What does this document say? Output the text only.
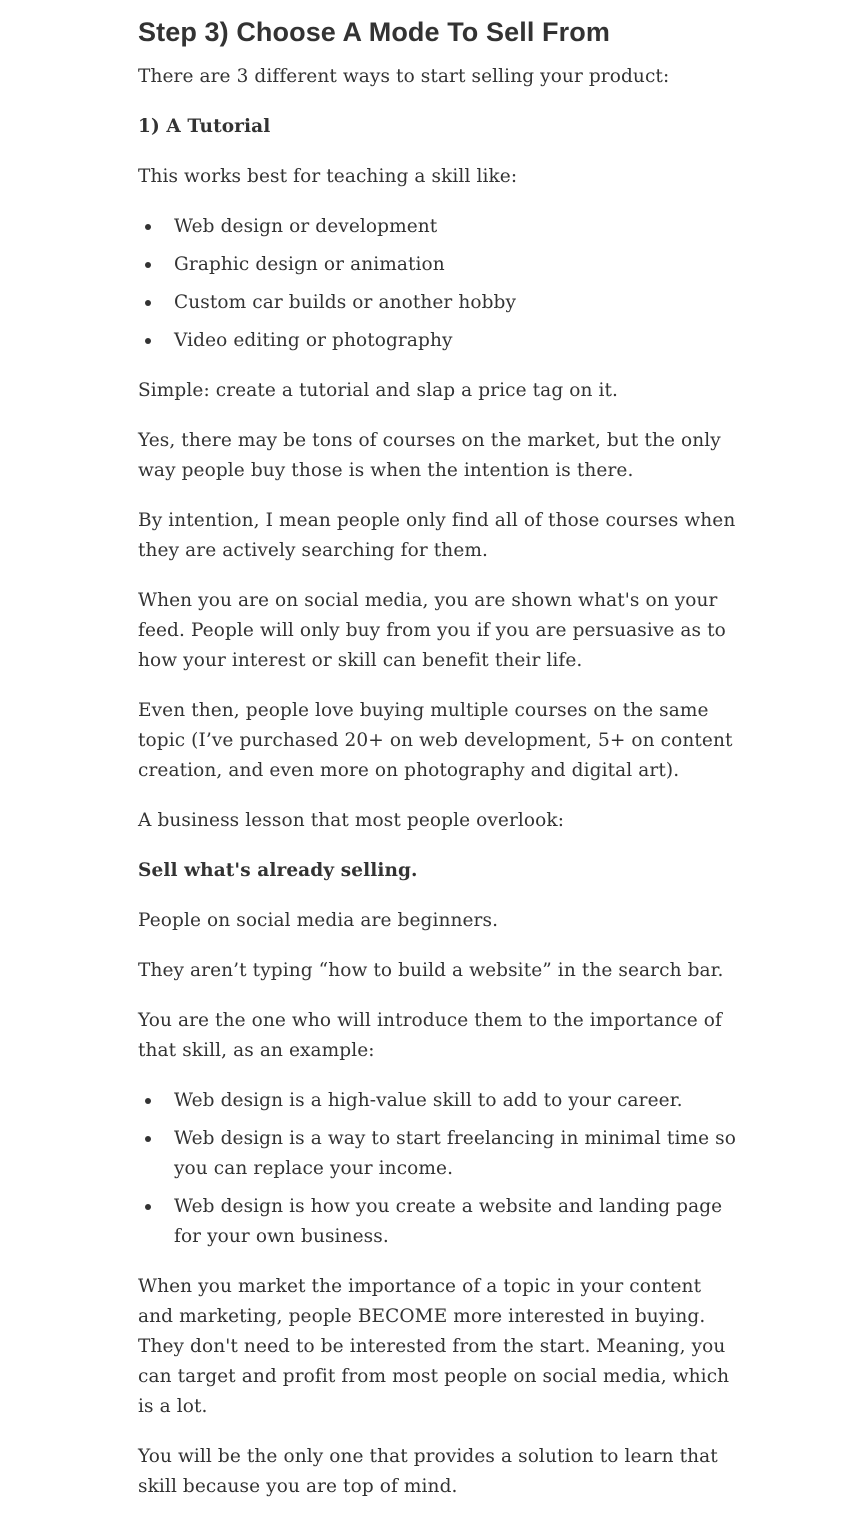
Step 3) Choose A Mode To Sell From

There are 3 different ways to start selling your product:

1) A Tutorial

This works best for teaching a skill like:

Web design or development
Graphic design or animation
Custom car builds or another hobby
Video editing or photography

Simple: create a tutorial and slap a price tag on it.

Yes, there may be tons of courses on the market, but the only way people buy those is when the intention is there.

By intention, I mean people only find all of those courses when they are actively searching for them.

When you are on social media, you are shown what's on your feed. People will only buy from you if you are persuasive as to how your interest or skill can benefit their life.

Even then, people love buying multiple courses on the same topic (I’ve purchased 20+ on web development, 5+ on content creation, and even more on photography and digital art).

A business lesson that most people overlook:

Sell what's already selling.

People on social media are beginners.

They aren’t typing “how to build a website” in the search bar.

You are the one who will introduce them to the importance of that skill, as an example:

Web design is a high-value skill to add to your career.
Web design is a way to start freelancing in minimal time so you can replace your income.
Web design is how you create a website and landing page for your own business.

When you market the importance of a topic in your content and marketing, people BECOME more interested in buying. They don't need to be interested from the start. Meaning, you can target and profit from most people on social media, which is a lot.

You will be the only one that provides a solution to learn that skill because you are top of mind.
